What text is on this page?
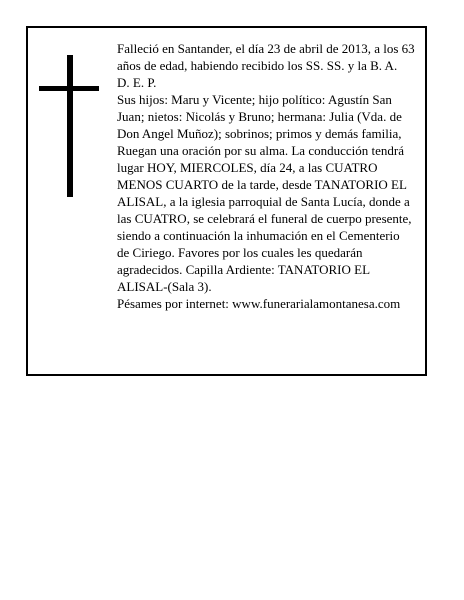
Falleció en Santander, el día 23 de abril de 2013, a los 63 años de edad, habiendo recibido los SS. SS. y la B. A.

D. E. P.

Sus hijos: Maru y Vicente; hijo político: Agustín San Juan; nietos: Nicolás y Bruno; hermana: Julia (Vda. de Don Angel Muñoz); sobrinos; primos y demás familia, Ruegan una oración por su alma. La conducción tendrá lugar HOY, MIERCOLES, día 24, a las CUATRO MENOS CUARTO de la tarde, desde TANATORIO EL ALISAL, a la iglesia parroquial de Santa Lucía, donde a las CUATRO, se celebrará el funeral de cuerpo presente, siendo a continuación la inhumación en el Cementerio de Ciriego. Favores por los cuales les quedarán agradecidos. Capilla Ardiente: TANATORIO EL ALISAL-(Sala 3).

Pésames por internet: www.funerarialamontanesa.com
